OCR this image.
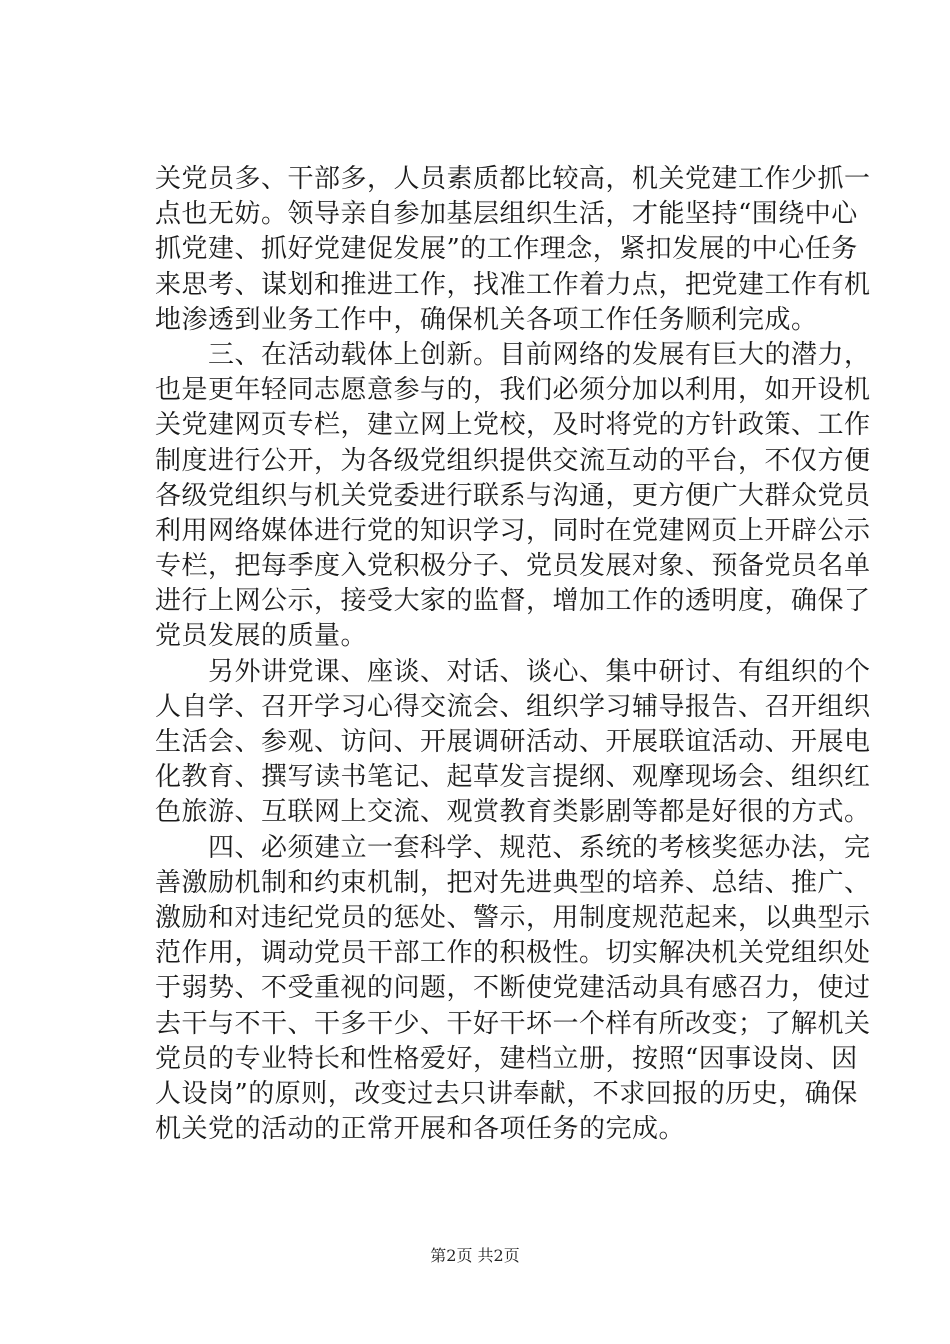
关党员多、干部多，人员素质都比较高，机关党建工作少抓一
点也无妨。领导亲自参加基层组织生活，才能坚持“围绕中心
抓党建、抓好党建促发展”的工作理念，紧扣发展的中心任务
来思考、谋划和推进工作，找准工作着力点，把党建工作有机
地渗透到业务工作中，确保机关各项工作任务顺利完成。
　　三、在活动载体上创新。目前网络的发展有巨大的潜力，
也是更年轻同志愿意参与的，我们必须分加以利用，如开设机
关党建网页专栏，建立网上党校，及时将党的方针政策、工作
制度进行公开，为各级党组织提供交流互动的平台，不仅方便
各级党组织与机关党委进行联系与沟通，更方便广大群众党员
利用网络媒体进行党的知识学习，同时在党建网页上开辟公示
专栏，把每季度入党积极分子、党员发展对象、预备党员名单
进行上网公示，接受大家的监督，增加工作的透明度，确保了
党员发展的质量。
　　另外讲党课、座谈、对话、谈心、集中研讨、有组织的个
人自学、召开学习心得交流会、组织学习辅导报告、召开组织
生活会、参观、访问、开展调研活动、开展联谊活动、开展电
化教育、撰写读书笔记、起草发言提纲、观摩现场会、组织红
色旅游、互联网上交流、观赏教育类影剧等都是好很的方式。
　　四、必须建立一套科学、规范、系统的考核奖惩办法，完
善激励机制和约束机制，把对先进典型的培养、总结、推广、
激励和对违纪党员的惩处、警示，用制度规范起来，以典型示
范作用，调动党员干部工作的积极性。切实解决机关党组织处
于弱势、不受重视的问题，不断使党建活动具有感召力，使过
去干与不干、干多干少、干好干坏一个样有所改变；了解机关
党员的专业特长和性格爱好，建档立册，按照“因事设岗、因
人设岗”的原则，改变过去只讲奉献，不求回报的历史，确保
机关党的活动的正常开展和各项任务的完成。
第2页 共2页
